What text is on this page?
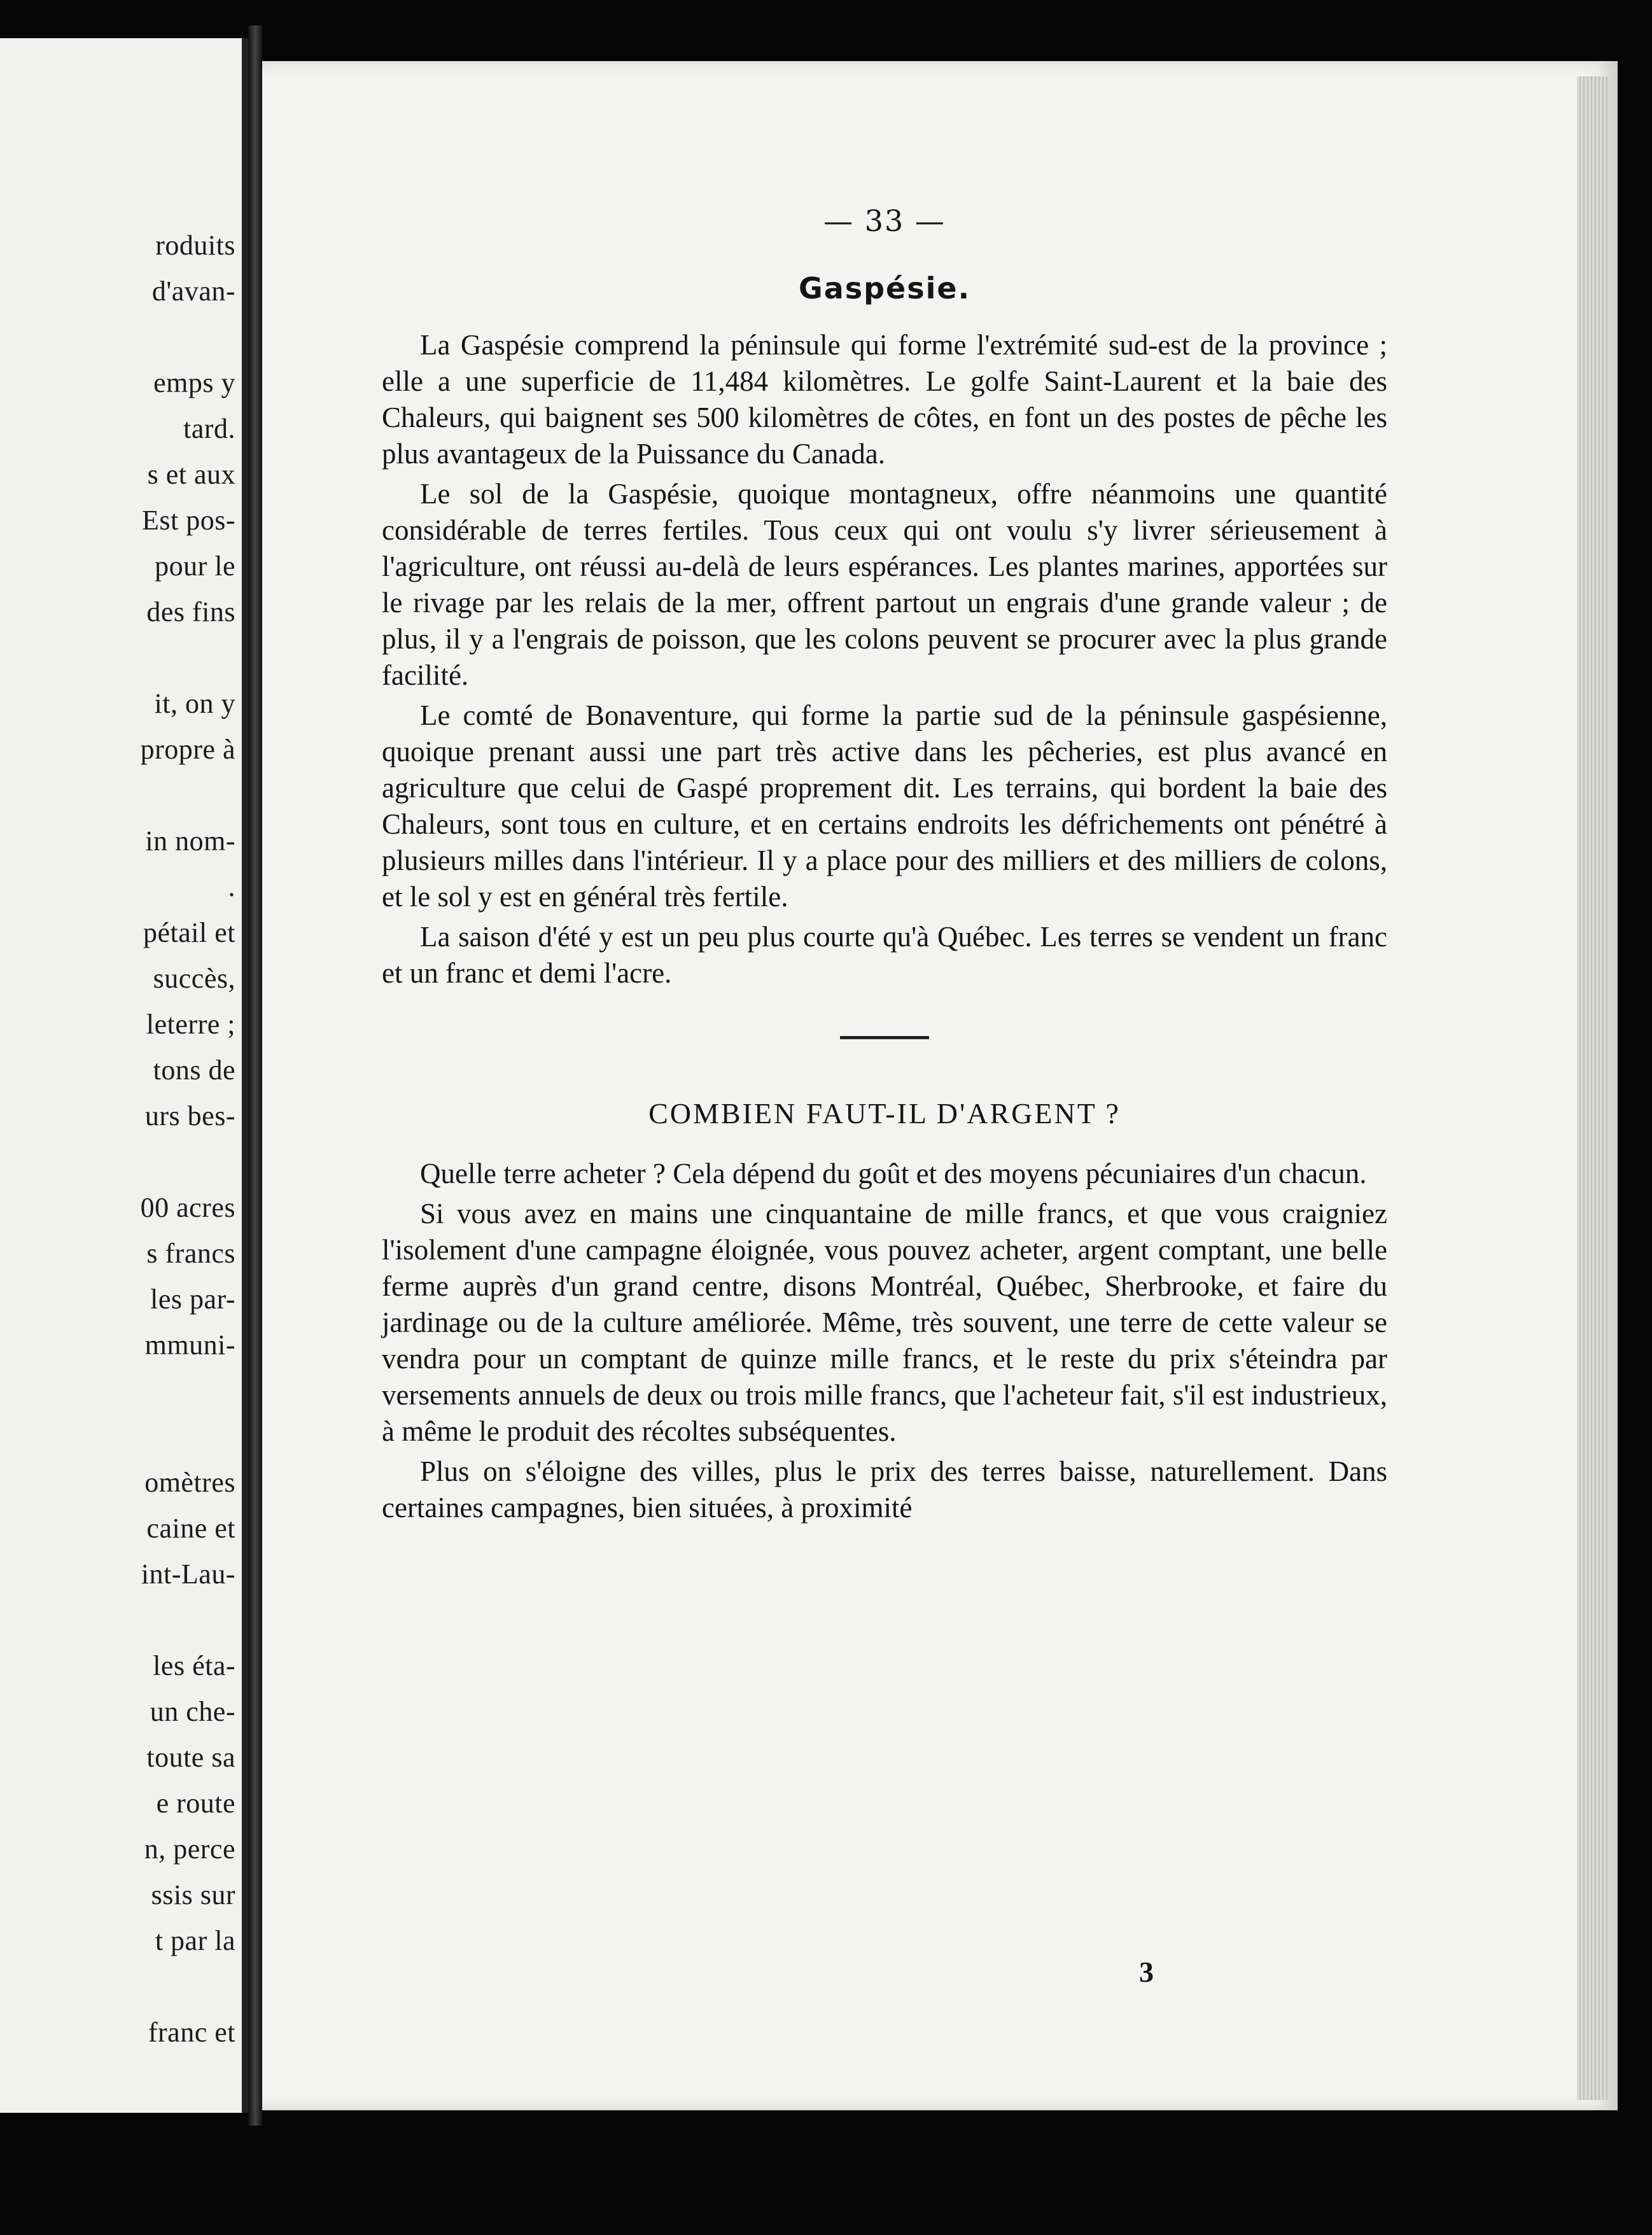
roduits
d'avan-
emps y
tard.
s et aux
Est pos-
pour le
des fins
it, on y
propre à
in nom-
.
pétail et
succès,
leterre ;
tons de
urs bes-
00 acres
s francs
les par-
mmuni-
omètres
caine et
int-Lau-
les éta-
un che-
toute sa
e route
n, perce
ssis sur
t par la
franc et
— 33 —
Gaspésie.

La Gaspésie comprend la péninsule qui forme l'extrémité sud-est de la province ; elle a une superficie de 11,484 kilomètres. Le golfe Saint-Laurent et la baie des Chaleurs, qui baignent ses 500 kilomètres de côtes, en font un des postes de pêche les plus avantageux de la Puissance du Canada.

Le sol de la Gaspésie, quoique montagneux, offre néanmoins une quantité considérable de terres fertiles. Tous ceux qui ont voulu s'y livrer sérieusement à l'agriculture, ont réussi au-delà de leurs espérances. Les plantes marines, apportées sur le rivage par les relais de la mer, offrent partout un engrais d'une grande valeur ; de plus, il y a l'engrais de poisson, que les colons peuvent se procurer avec la plus grande facilité.

Le comté de Bonaventure, qui forme la partie sud de la péninsule gaspésienne, quoique prenant aussi une part très active dans les pêcheries, est plus avancé en agriculture que celui de Gaspé proprement dit. Les terrains, qui bordent la baie des Chaleurs, sont tous en culture, et en certains endroits les défrichements ont pénétré à plusieurs milles dans l'intérieur. Il y a place pour des milliers et des milliers de colons, et le sol y est en général très fertile.

La saison d'été y est un peu plus courte qu'à Québec. Les terres se vendent un franc et un franc et demi l'acre.

COMBIEN FAUT-IL D'ARGENT ?

Quelle terre acheter ? Cela dépend du goût et des moyens pécuniaires d'un chacun.

Si vous avez en mains une cinquantaine de mille francs, et que vous craigniez l'isolement d'une campagne éloignée, vous pouvez acheter, argent comptant, une belle ferme auprès d'un grand centre, disons Montréal, Québec, Sherbrooke, et faire du jardinage ou de la culture améliorée. Même, très souvent, une terre de cette valeur se vendra pour un comptant de quinze mille francs, et le reste du prix s'éteindra par versements annuels de deux ou trois mille francs, que l'acheteur fait, s'il est industrieux, à même le produit des récoltes subséquentes.

Plus on s'éloigne des villes, plus le prix des terres baisse, naturellement. Dans certaines campagnes, bien situées, à proximité

3
